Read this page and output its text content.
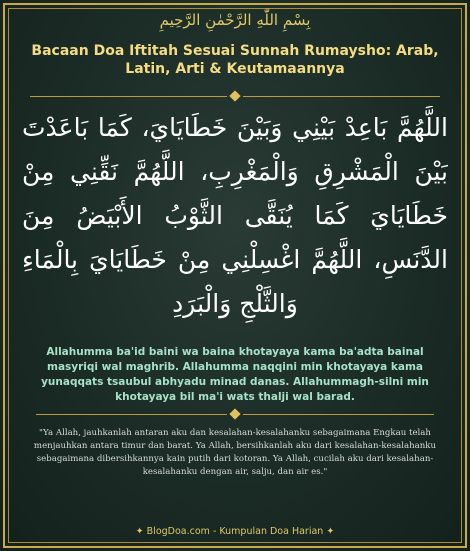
بِسْمِ اللّٰهِ الرَّحْمٰنِ الرَّحِيمِ
Bacaan Doa Iftitah Sesuai Sunnah Rumaysho: Arab, Latin, Arti & Keutamaannya
اللَّهُمَّ بَاعِدْ بَيْنِي وَبَيْنَ خَطَايَايَ، كَمَا بَاعَدْتَ بَيْنَ الْمَشْرِقِ وَالْمَغْرِبِ، اللَّهُمَّ نَقِّنِي مِنْ خَطَايَايَ كَمَا يُنَقَّى الثَّوْبُ الأَبْيَضُ مِنَ الدَّنَسِ، اللَّهُمَّ اغْسِلْنِي مِنْ خَطَايَايَ بِالْمَاءِ وَالثَّلْجِ وَالْبَرَدِ
Allahumma ba'id baini wa baina khotayaya kama ba'adta bainal masyriqi wal maghrib. Allahumma naqqini min khotayaya kama yunaqqats tsaubul abhyadu minad danas. Allahummagh-silni min khotayaya bil ma'i wats thalji wal barad.
"Ya Allah, jauhkanlah antaran aku dan kesalahan-kesalahanku sebagaimana Engkau telah menjauhkan antara timur dan barat. Ya Allah, bersihkanlah aku dari kesalahan-kesalahanku sebagaimana dibersihkannya kain putih dari kotoran. Ya Allah, cucilah aku dari kesalahan-kesalahanku dengan air, salju, dan air es."
✦ BlogDoa.com - Kumpulan Doa Harian ✦
